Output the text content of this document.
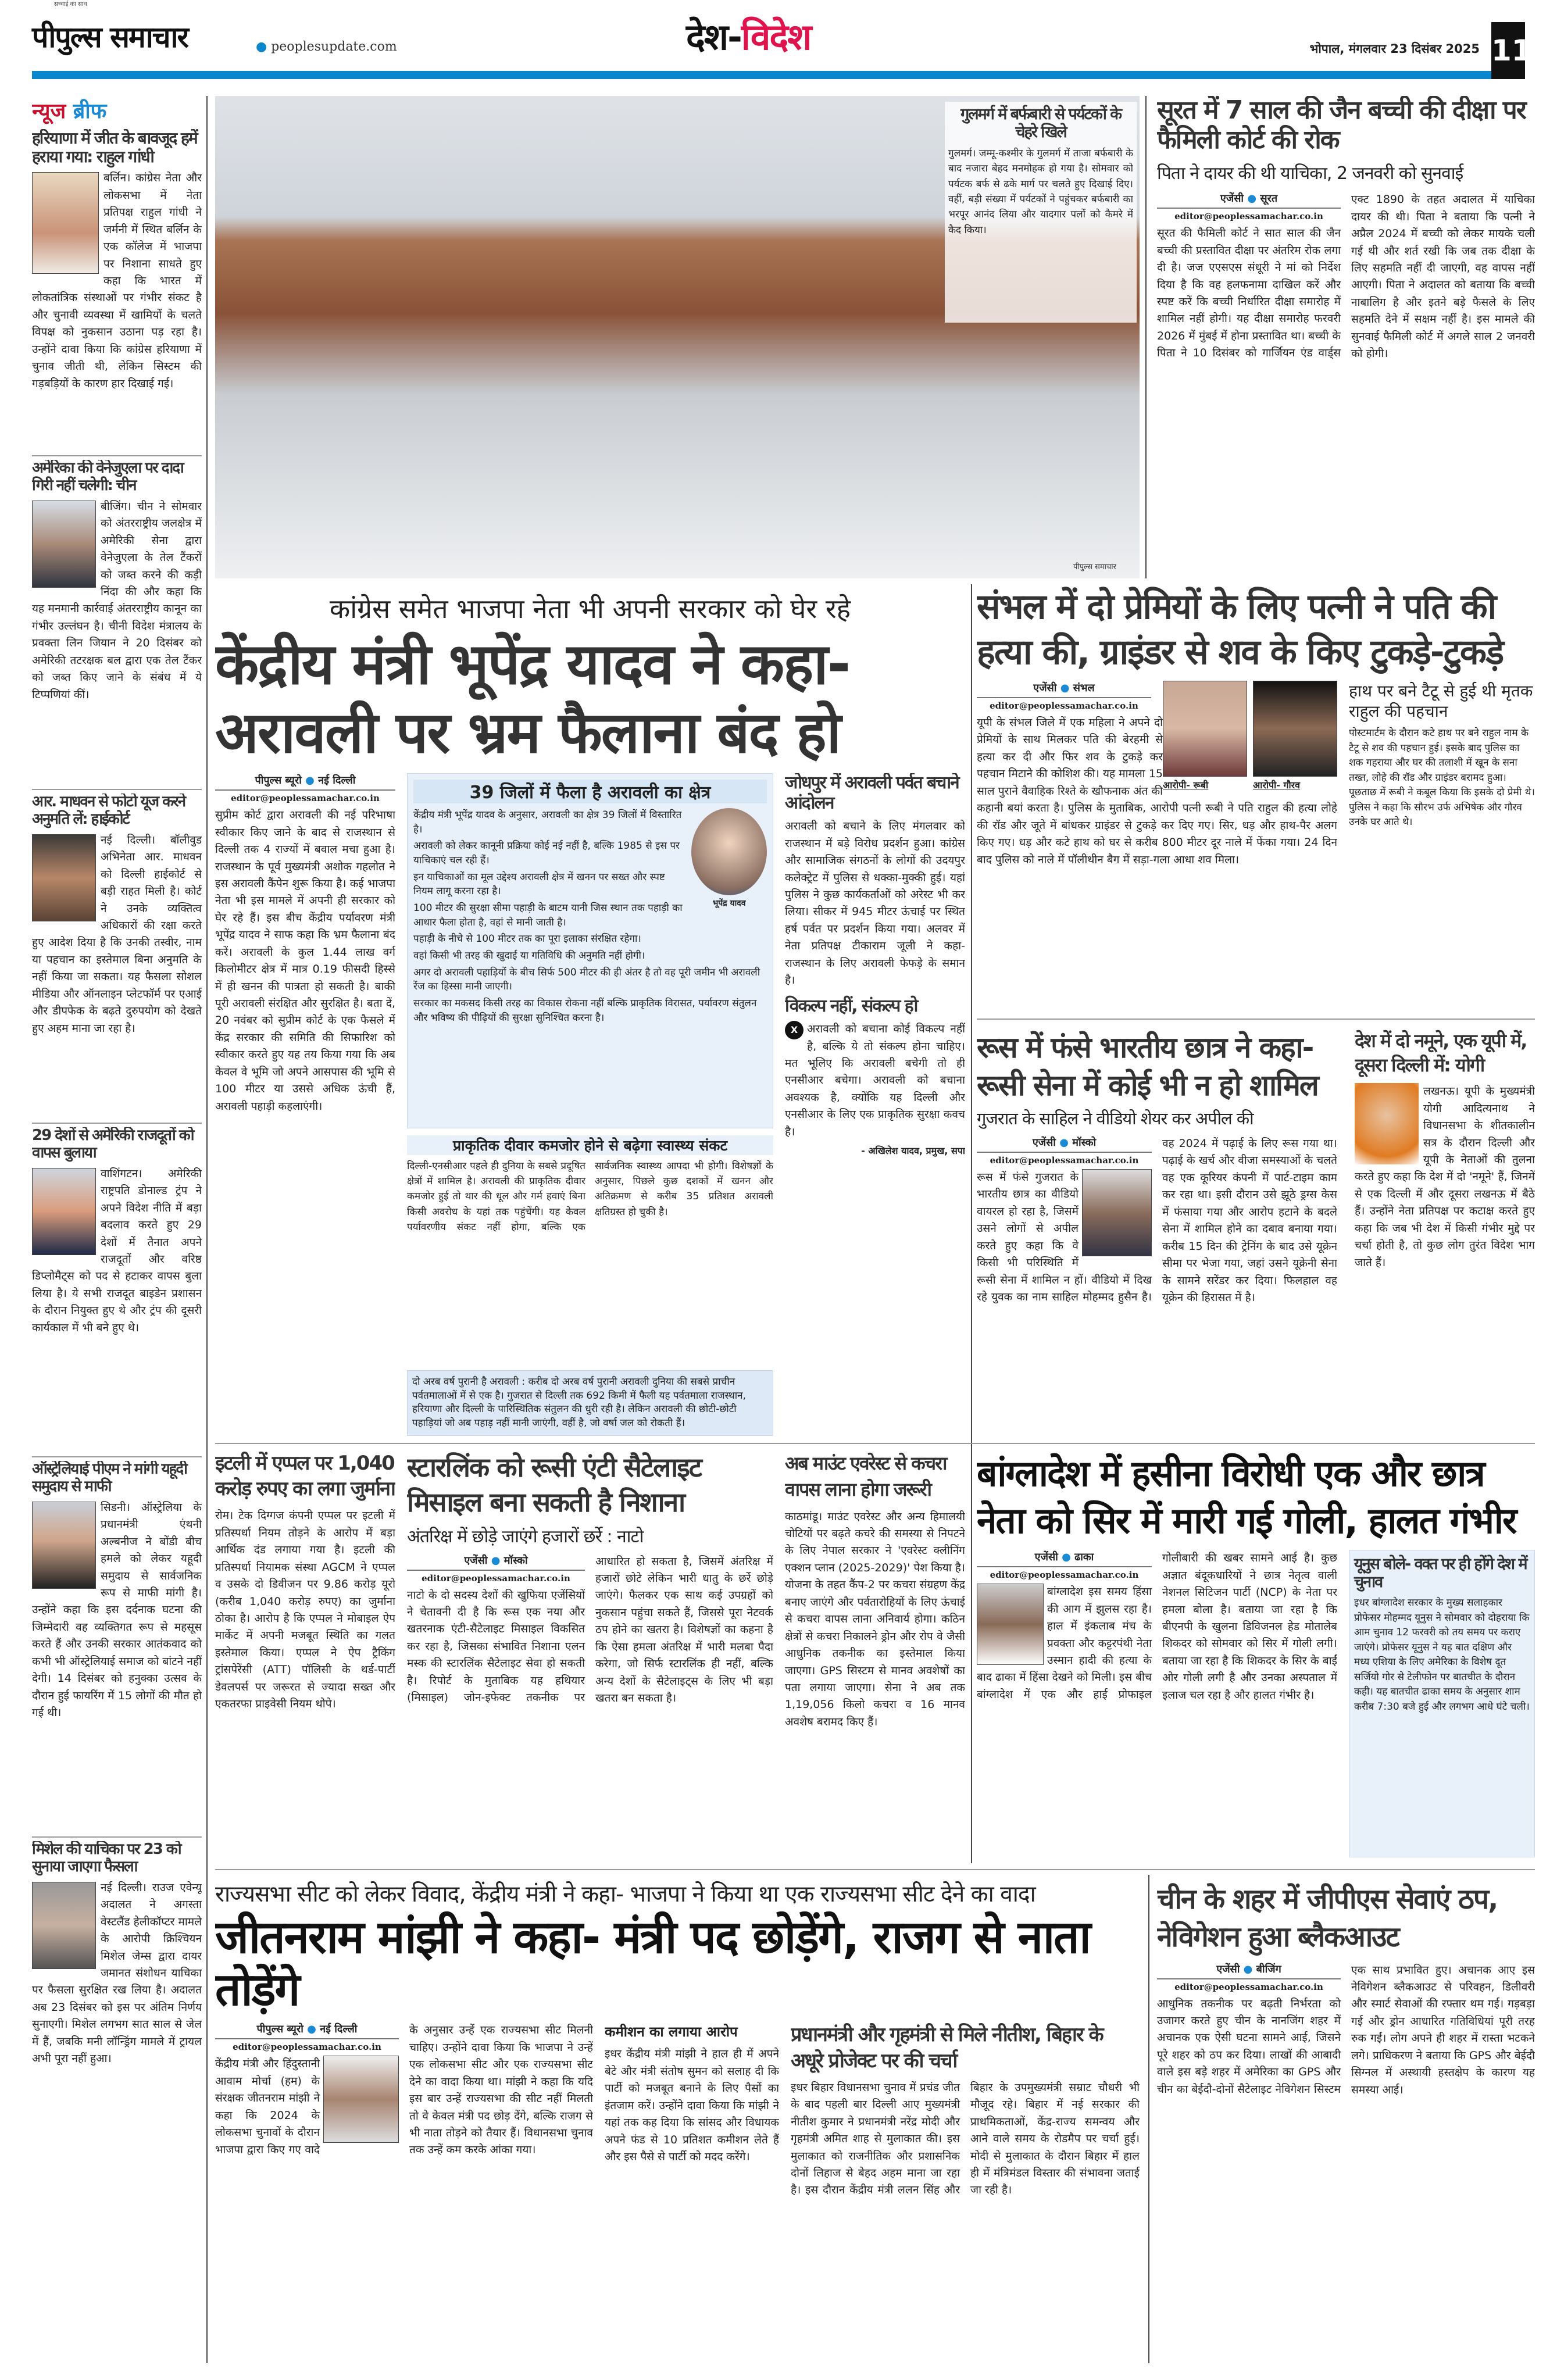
सच्चाई का साथ
पीपुल्स समाचार	● peoplesupdate.com	देश-विदेश	भोपाल, मंगलवार 23 दिसंबर 2025 11
न्यूज ब्रीफ
हरियाणा में जीत के बावजूद हमें हराया गया: राहुल गांधी
बर्लिन। कांग्रेस नेता और लोकसभा में नेता प्रतिपक्ष राहुल गांधी ने जर्मनी में स्थित बर्लिन के एक कॉलेज में भाजपा पर निशाना साधते हुए कहा कि भारत में लोकतांत्रिक संस्थाओं पर गंभीर संकट है और चुनावी व्यवस्था में खामियों के चलते विपक्ष को नुकसान उठाना पड़ रहा है। उन्होंने दावा किया कि कांग्रेस हरियाणा में चुनाव जीती थी, लेकिन सिस्टम की गड़बड़ियों के कारण हार दिखाई गई।
अमेरिका की वेनेजुएला पर दादा गिरी नहीं चलेगी: चीन
बीजिंग। चीन ने सोमवार को अंतरराष्ट्रीय जलक्षेत्र में अमेरिकी सेना द्वारा वेनेजुएला के तेल टैंकरों को जब्त करने की कड़ी निंदा की और कहा कि यह मनमानी कार्रवाई अंतरराष्ट्रीय कानून का गंभीर उल्लंघन है। चीनी विदेश मंत्रालय के प्रवक्ता लिन जियान ने 20 दिसंबर को अमेरिकी तटरक्षक बल द्वारा एक तेल टैंकर को जब्त किए जाने के संबंध में ये टिप्पणियां कीं।
आर. माधवन से फोटो यूज करने अनुमति लें: हाईकोर्ट
नई दिल्ली। बॉलीवुड अभिनेता आर. माधवन को दिल्ली हाईकोर्ट से बड़ी राहत मिली है। कोर्ट ने उनके व्यक्तित्व अधिकारों की रक्षा करते हुए आदेश दिया है कि उनकी तस्वीर, नाम या पहचान का इस्तेमाल बिना अनुमति के नहीं किया जा सकता। यह फैसला सोशल मीडिया और ऑनलाइन प्लेटफॉर्म पर एआई और डीपफेक के बढ़ते दुरुपयोग को देखते हुए अहम माना जा रहा है।
29 देशों से अमेरिकी राजदूतों को वापस बुलाया
वाशिंगटन। अमेरिकी राष्ट्रपति डोनाल्ड ट्रंप ने अपने विदेश नीति में बड़ा बदलाव करते हुए 29 देशों में तैनात अपने राजदूतों और वरिष्ठ डिप्लोमैट्स को पद से हटाकर वापस बुला लिया है। ये सभी राजदूत बाइडेन प्रशासन के दौरान नियुक्त हुए थे और ट्रंप की दूसरी कार्यकाल में भी बने हुए थे।
ऑस्ट्रेलियाई पीएम ने मांगी यहूदी समुदाय से माफी
सिडनी। ऑस्ट्रेलिया के प्रधानमंत्री एंथनी अल्बनीज ने बोंडी बीच हमले को लेकर यहूदी समुदाय से सार्वजनिक रूप से माफी मांगी है। उन्होंने कहा कि इस दर्दनाक घटना की जिम्मेदारी वह व्यक्तिगत रूप से महसूस करते हैं और उनकी सरकार आतंकवाद को कभी भी ऑस्ट्रेलियाई समाज को बांटने नहीं देगी। 14 दिसंबर को हनुक्का उत्सव के दौरान हुई फायरिंग में 15 लोगों की मौत हो गई थी।
मिशेल की याचिका पर 23 को सुनाया जाएगा फैसला
नई दिल्ली। राउज एवेन्यू अदालत ने अगस्ता वेस्टलैंड हेलीकॉप्टर मामले के आरोपी क्रिश्चियन मिशेल जेम्स द्वारा दायर जमानत संशोधन याचिका पर फैसला सुरक्षित रख लिया है। अदालत अब 23 दिसंबर को इस पर अंतिम निर्णय सुनाएगी। मिशेल लगभग सात साल से जेल में हैं, जबकि मनी लॉन्ड्रिंग मामले में ट्रायल अभी पूरा नहीं हुआ।
पीपुल्स समाचार
गुलमर्ग में बर्फबारी से पर्यटकों के चेहरे खिले
गुलमर्ग। जम्मू-कश्मीर के गुलमर्ग में ताजा बर्फबारी के बाद नजारा बेहद मनमोहक हो गया है। सोमवार को पर्यटक बर्फ से ढके मार्ग पर चलते हुए दिखाई दिए। वहीं, बड़ी संख्या में पर्यटकों ने पहुंचकर बर्फबारी का भरपूर आनंद लिया और यादगार पलों को कैमरे में कैद किया।
सूरत में 7 साल की जैन बच्ची की दीक्षा पर फैमिली कोर्ट की रोक
पिता ने दायर की थी याचिका, 2 जनवरी को सुनवाई
एजेंसी ● सूरत
editor@peoplessamachar.co.in
सूरत की फैमिली कोर्ट ने सात साल की जैन बच्ची की प्रस्तावित दीक्षा पर अंतरिम रोक लगा दी है। जज एएसएस संधूरी ने मां को निर्देश दिया है कि वह हलफनामा दाखिल करें और स्पष्ट करें कि बच्ची निर्धारित दीक्षा समारोह में शामिल नहीं होगी। यह दीक्षा समारोह फरवरी 2026 में मुंबई में होना प्रस्तावित था। बच्ची के पिता ने 10 दिसंबर को गार्जियन एंड वार्ड्स एक्ट 1890 के तहत अदालत में याचिका दायर की थी। पिता ने बताया कि पत्नी ने अप्रैल 2024 में बच्ची को लेकर मायके चली गई थी और शर्त रखी कि जब तक दीक्षा के लिए सहमति नहीं दी जाएगी, वह वापस नहीं आएगी। पिता ने अदालत को बताया कि बच्ची नाबालिग है और इतने बड़े फैसले के लिए सहमति देने में सक्षम नहीं है। इस मामले की सुनवाई फैमिली कोर्ट में अगले साल 2 जनवरी को होगी।
कांग्रेस समेत भाजपा नेता भी अपनी सरकार को घेर रहे
केंद्रीय मंत्री भूपेंद्र यादव ने कहा- अरावली पर भ्रम फैलाना बंद हो
पीपुल्स ब्यूरो ● नई दिल्ली
editor@peoplessamachar.co.in
सुप्रीम कोर्ट द्वारा अरावली की नई परिभाषा स्वीकार किए जाने के बाद से राजस्थान से दिल्ली तक 4 राज्यों में बवाल मचा हुआ है। राजस्थान के पूर्व मुख्यमंत्री अशोक गहलोत ने इस अरावली कैंपेन शुरू किया है। कई भाजपा नेता भी इस मामले में अपनी ही सरकार को घेर रहे हैं। इस बीच केंद्रीय पर्यावरण मंत्री भूपेंद्र यादव ने साफ कहा कि भ्रम फैलाना बंद करें। अरावली के कुल 1.44 लाख वर्ग किलोमीटर क्षेत्र में मात्र 0.19 फीसदी हिस्से में ही खनन की पात्रता हो सकती है। बाकी पूरी अरावली संरक्षित और सुरक्षित है। बता दें, 20 नवंबर को सुप्रीम कोर्ट के एक फैसले में केंद्र सरकार की समिति की सिफारिश को स्वीकार करते हुए यह तय किया गया कि अब केवल वे भूमि जो अपने आसपास की भूमि से 100 मीटर या उससे अधिक ऊंची हैं, अरावली पहाड़ी कहलाएंगी।
39 जिलों में फैला है अरावली का क्षेत्र
भूपेंद्र यादव
केंद्रीय मंत्री भूपेंद्र यादव के अनुसार, अरावली का क्षेत्र 39 जिलों में विस्तारित है।
अरावली को लेकर कानूनी प्रक्रिया कोई नई नहीं है, बल्कि 1985 से इस पर याचिकाएं चल रही हैं।
इन याचिकाओं का मूल उद्देश्य अरावली क्षेत्र में खनन पर सख्त और स्पष्ट नियम लागू करना रहा है।
100 मीटर की सुरक्षा सीमा पहाड़ी के बाटम यानी जिस स्थान तक पहाड़ी का आधार फैला होता है, वहां से मानी जाती है।
पहाड़ी के नीचे से 100 मीटर तक का पूरा इलाका संरक्षित रहेगा।
वहां किसी भी तरह की खुदाई या गतिविधि की अनुमति नहीं होगी।
अगर दो अरावली पहाड़ियों के बीच सिर्फ 500 मीटर की ही अंतर है तो वह पूरी जमीन भी अरावली रेंज का हिस्सा मानी जाएगी।
सरकार का मकसद किसी तरह का विकास रोकना नहीं बल्कि प्राकृतिक विरासत, पर्यावरण संतुलन और भविष्य की पीढ़ियों की सुरक्षा सुनिश्चित करना है।
प्राकृतिक दीवार कमजोर होने से बढ़ेगा स्वास्थ्य संकट
दिल्ली-एनसीआर पहले ही दुनिया के सबसे प्रदूषित क्षेत्रों में शामिल है। अरावली की प्राकृतिक दीवार कमजोर हुई तो थार की धूल और गर्म हवाएं बिना किसी अवरोध के यहां तक पहुंचेंगी। यह केवल पर्यावरणीय संकट नहीं होगा, बल्कि एक सार्वजनिक स्वास्थ्य आपदा भी होगी। विशेषज्ञों के अनुसार, पिछले कुछ दशकों में खनन और अतिक्रमण से करीब 35 प्रतिशत अरावली क्षतिग्रस्त हो चुकी है।
दो अरब वर्ष पुरानी है अरावली : करीब दो अरब वर्ष पुरानी अरावली दुनिया की सबसे प्राचीन पर्वतमालाओं में से एक है। गुजरात से दिल्ली तक 692 किमी में फैली यह पर्वतमाला राजस्थान, हरियाणा और दिल्ली के पारिस्थितिक संतुलन की धुरी रही है। लेकिन अरावली की छोटी-छोटी पहाड़ियां जो अब पहाड़ नहीं मानी जाएंगी, वहीं है, जो वर्षा जल को रोकती हैं।
जोधपुर में अरावली पर्वत बचाने आंदोलन
अरावली को बचाने के लिए मंगलवार को राजस्थान में बड़े विरोध प्रदर्शन हुआ। कांग्रेस और सामाजिक संगठनों के लोगों की उदयपुर कलेक्ट्रेट में पुलिस से धक्का-मुक्की हुई। यहां पुलिस ने कुछ कार्यकर्ताओं को अरेस्ट भी कर लिया। सीकर में 945 मीटर ऊंचाई पर स्थित हर्ष पर्वत पर प्रदर्शन किया गया। अलवर में नेता प्रतिपक्ष टीकाराम जूली ने कहा- राजस्थान के लिए अरावली फेफड़े के समान है।
विकल्प नहीं, संकल्प हो
X अरावली को बचाना कोई विकल्प नहीं है, बल्कि ये तो संकल्प होना चाहिए। मत भूलिए कि अरावली बचेगी तो ही एनसीआर बचेगा। अरावली को बचाना अवश्यक है, क्योंकि यह दिल्ली और एनसीआर के लिए एक प्राकृतिक सुरक्षा कवच है।
- अखिलेश यादव, प्रमुख, सपा
संभल में दो प्रेमियों के लिए पत्नी ने पति की हत्या की, ग्राइंडर से शव के किए टुकड़े-टुकड़े
एजेंसी ● संभल
editor@peoplessamachar.co.in
आरोपी- रूबी	आरोपी- गौरव
यूपी के संभल जिले में एक महिला ने अपने दो प्रेमियों के साथ मिलकर पति की बेरहमी से हत्या कर दी और फिर शव के टुकड़े कर पहचान मिटाने की कोशिश की। यह मामला 15 साल पुराने वैवाहिक रिश्ते के खौफनाक अंत की कहानी बयां करता है। पुलिस के मुताबिक, आरोपी पत्नी रूबी ने पति राहुल की हत्या लोहे की रॉड और जूते में बांधकर ग्राइंडर से टुकड़े कर दिए गए। सिर, धड़ और हाथ-पैर अलग किए गए। धड़ और कटे हाथ को घर से करीब 800 मीटर दूर नाले में फेंका गया। 24 दिन बाद पुलिस को नाले में पॉलीथीन बैग में सड़ा-गला आधा शव मिला।
हाथ पर बने टैटू से हुई थी मृतक राहुल की पहचान
पोस्टमार्टम के दौरान कटे हाथ पर बने राहुल नाम के टैटू से शव की पहचान हुई। इसके बाद पुलिस का शक गहराया और घर की तलाशी में खून के सना तख्त, लोहे की रॉड और ग्राइंडर बरामद हुआ। पूछताछ में रूबी ने कबूल किया कि इसके दो प्रेमी थे। पुलिस ने कहा कि सौरभ उर्फ अभिषेक और गौरव उनके घर आते थे।
रूस में फंसे भारतीय छात्र ने कहा- रूसी सेना में कोई भी न हो शामिल
गुजरात के साहिल ने वीडियो शेयर कर अपील की
एजेंसी ● मॉस्को
editor@peoplessamachar.co.in
रूस में फंसे गुजरात के भारतीय छात्र का वीडियो वायरल हो रहा है, जिसमें उसने लोगों से अपील करते हुए कहा कि वे किसी भी परिस्थिति में रूसी सेना में शामिल न हों। वीडियो में दिख रहे युवक का नाम साहिल मोहम्मद हुसैन है। वह 2024 में पढ़ाई के लिए रूस गया था। पढ़ाई के खर्च और वीजा समस्याओं के चलते वह एक कूरियर कंपनी में पार्ट-टाइम काम कर रहा था। इसी दौरान उसे झूठे ड्रग्स केस में फंसाया गया और आरोप हटाने के बदले सेना में शामिल होने का दबाव बनाया गया। करीब 15 दिन की ट्रेनिंग के बाद उसे यूक्रेन सीमा पर भेजा गया, जहां उसने यूक्रेनी सेना के सामने सरेंडर कर दिया। फिलहाल वह यूक्रेन की हिरासत में है।
देश में दो नमूने, एक यूपी में, दूसरा दिल्ली में: योगी
लखनऊ। यूपी के मुख्यमंत्री योगी आदित्यनाथ ने विधानसभा के शीतकालीन सत्र के दौरान दिल्ली और यूपी के नेताओं की तुलना करते हुए कहा कि देश में दो 'नमूने' हैं, जिनमें से एक दिल्ली में और दूसरा लखनऊ में बैठे हैं। उन्होंने नेता प्रतिपक्ष पर कटाक्ष करते हुए कहा कि जब भी देश में किसी गंभीर मुद्दे पर चर्चा होती है, तो कुछ लोग तुरंत विदेश भाग जाते हैं।
इटली में एप्पल पर 1,040 करोड़ रुपए का लगा जुर्माना
रोम। टेक दिग्गज कंपनी एप्पल पर इटली में प्रतिस्पर्धा नियम तोड़ने के आरोप में बड़ा आर्थिक दंड लगाया गया है। इटली की प्रतिस्पर्धा नियामक संस्था AGCM ने एप्पल व उसके दो डिवीजन पर 9.86 करोड़ यूरो (करीब 1,040 करोड़ रुपए) का जुर्माना ठोका है। आरोप है कि एप्पल ने मोबाइल ऐप मार्केट में अपनी मजबूत स्थिति का गलत इस्तेमाल किया। एप्पल ने ऐप ट्रैकिंग ट्रांसपेरेंसी (ATT) पॉलिसी के थर्ड-पार्टी डेवलपर्स पर जरूरत से ज्यादा सख्त और एकतरफा प्राइवेसी नियम थोपे।
स्टारलिंक को रूसी एंटी सैटेलाइट मिसाइल बना सकती है निशाना
अंतरिक्ष में छोड़े जाएंगे हजारों छर्रे : नाटो
एजेंसी ● मॉस्को
editor@peoplessamachar.co.in
नाटो के दो सदस्य देशों की खुफिया एजेंसियों ने चेतावनी दी है कि रूस एक नया और खतरनाक एंटी-सैटेलाइट मिसाइल विकसित कर रहा है, जिसका संभावित निशाना एलन मस्क की स्टारलिंक सैटेलाइट सेवा हो सकती है। रिपोर्ट के मुताबिक यह हथियार (मिसाइल) जोन-इफेक्ट तकनीक पर आधारित हो सकता है, जिसमें अंतरिक्ष में हजारों छोटे लेकिन भारी धातु के छर्रे छोड़े जाएंगे। फैलकर एक साथ कई उपग्रहों को नुकसान पहुंचा सकते हैं, जिससे पूरा नेटवर्क ठप होने का खतरा है। विशेषज्ञों का कहना है कि ऐसा हमला अंतरिक्ष में भारी मलबा पैदा करेगा, जो सिर्फ स्टारलिंक ही नहीं, बल्कि अन्य देशों के सैटेलाइट्स के लिए भी बड़ा खतरा बन सकता है।
अब माउंट एवरेस्ट से कचरा वापस लाना होगा जरूरी
काठमांडू। माउंट एवरेस्ट और अन्य हिमालयी चोटियों पर बढ़ते कचरे की समस्या से निपटने के लिए नेपाल सरकार ने 'एवरेस्ट क्लीनिंग एक्शन प्लान (2025-2029)' पेश किया है। योजना के तहत कैंप-2 पर कचरा संग्रहण केंद्र बनाए जाएंगे और पर्वतारोहियों के लिए ऊंचाई से कचरा वापस लाना अनिवार्य होगा। कठिन क्षेत्रों से कचरा निकालने ड्रोन और रोप वे जैसी आधुनिक तकनीक का इस्तेमाल किया जाएगा। GPS सिस्टम से मानव अवशेषों का पता लगाया जाएगा। सेना ने अब तक 1,19,056 किलो कचरा व 16 मानव अवशेष बरामद किए हैं।
बांग्लादेश में हसीना विरोधी एक और छात्र नेता को सिर में मारी गई गोली, हालत गंभीर
एजेंसी ● ढाका
editor@peoplessamachar.co.in
बांग्लादेश इस समय हिंसा की आग में झुलस रहा है। हाल में इंकलाब मंच के प्रवक्ता और कट्टरपंथी नेता उस्मान हादी की हत्या के बाद ढाका में हिंसा देखने को मिली। इस बीच बांग्लादेश में एक और हाई प्रोफाइल गोलीबारी की खबर सामने आई है। कुछ अज्ञात बंदूकधारियों ने छात्र नेतृत्व वाली नेशनल सिटिजन पार्टी (NCP) के नेता पर हमला बोला है। बताया जा रहा है कि बीएनपी के खुलना डिविजनल हेड मोतालेब शिकदर को सोमवार को सिर में गोली लगी। बताया जा रहा है कि शिकदर के सिर के बाईं ओर गोली लगी है और उनका अस्पताल में इलाज चल रहा है और हालत गंभीर है।
यूनुस बोले- वक्त पर ही होंगे देश में चुनाव
इधर बांग्लादेश सरकार के मुख्य सलाहकार प्रोफेसर मोहम्मद यूनुस ने सोमवार को दोहराया कि आम चुनाव 12 फरवरी को तय समय पर कराए जाएंगे। प्रोफेसर यूनुस ने यह बात दक्षिण और मध्य एशिया के लिए अमेरिका के विशेष दूत सर्जियो गोर से टेलीफोन पर बातचीत के दौरान कही। यह बातचीत ढाका समय के अनुसार शाम करीब 7:30 बजे हुई और लगभग आधे घंटे चली।
राज्यसभा सीट को लेकर विवाद, केंद्रीय मंत्री ने कहा- भाजपा ने किया था एक राज्यसभा सीट देने का वादा
जीतनराम मांझी ने कहा- मंत्री पद छोड़ेंगे, राजग से नाता तोड़ेंगे
पीपुल्स ब्यूरो ● नई दिल्ली
editor@peoplessamachar.co.in
केंद्रीय मंत्री और हिंदुस्तानी आवाम मोर्चा (हम) के संरक्षक जीतनराम मांझी ने कहा कि 2024 के लोकसभा चुनावों के दौरान भाजपा द्वारा किए गए वादे के अनुसार उन्हें एक राज्यसभा सीट मिलनी चाहिए। उन्होंने दावा किया कि भाजपा ने उन्हें एक लोकसभा सीट और एक राज्यसभा सीट देने का वादा किया था। मांझी ने कहा कि यदि इस बार उन्हें राज्यसभा की सीट नहीं मिलती तो वे केवल मंत्री पद छोड़ देंगे, बल्कि राजग से भी नाता तोड़ने को तैयार हैं। विधानसभा चुनाव तक उन्हें कम करके आंका गया।
कमीशन का लगाया आरोप
इधर केंद्रीय मंत्री मांझी ने हाल ही में अपने बेटे और मंत्री संतोष सुमन को सलाह दी कि पार्टी को मजबूत बनाने के लिए पैसों का इंतजाम करें। उन्होंने दावा किया कि मांझी ने यहां तक कह दिया कि सांसद और विधायक अपने फंड से 10 प्रतिशत कमीशन लेते हैं और इस पैसे से पार्टी को मदद करेंगे।
प्रधानमंत्री और गृहमंत्री से मिले नीतीश, बिहार के अधूरे प्रोजेक्ट पर की चर्चा
इधर बिहार विधानसभा चुनाव में प्रचंड जीत के बाद पहली बार दिल्ली आए मुख्यमंत्री नीतीश कुमार ने प्रधानमंत्री नरेंद्र मोदी और गृहमंत्री अमित शाह से मुलाकात की। इस मुलाकात को राजनीतिक और प्रशासनिक दोनों लिहाज से बेहद अहम माना जा रहा है। इस दौरान केंद्रीय मंत्री ललन सिंह और बिहार के उपमुख्यमंत्री सम्राट चौधरी भी मौजूद रहे। बिहार में नई सरकार की प्राथमिकताओं, केंद्र-राज्य समन्वय और आने वाले समय के रोडमैप पर चर्चा हुई। मोदी से मुलाकात के दौरान बिहार में हाल ही में मंत्रिमंडल विस्तार की संभावना जताई जा रही है।
चीन के शहर में जीपीएस सेवाएं ठप, नेविगेशन हुआ ब्लैकआउट
एजेंसी ● बीजिंग
editor@peoplessamachar.co.in
आधुनिक तकनीक पर बढ़ती निर्भरता को उजागर करते हुए चीन के नानजिंग शहर में अचानक एक ऐसी घटना सामने आई, जिसने पूरे शहर को ठप कर दिया। लाखों की आबादी वाले इस बड़े शहर में अमेरिका का GPS और चीन का बेईदौ-दोनों सैटेलाइट नेविगेशन सिस्टम एक साथ प्रभावित हुए। अचानक आए इस नेविगेशन ब्लैकआउट से परिवहन, डिलीवरी और स्मार्ट सेवाओं की रफ्तार थम गई। गड़बड़ा गई और ड्रोन आधारित गतिविधियां पूरी तरह रुक गईं। लोग अपने ही शहर में रास्ता भटकने लगे। प्राधिकरण ने बताया कि GPS और बेईदौ सिग्नल में अस्थायी हस्तक्षेप के कारण यह समस्या आई।
